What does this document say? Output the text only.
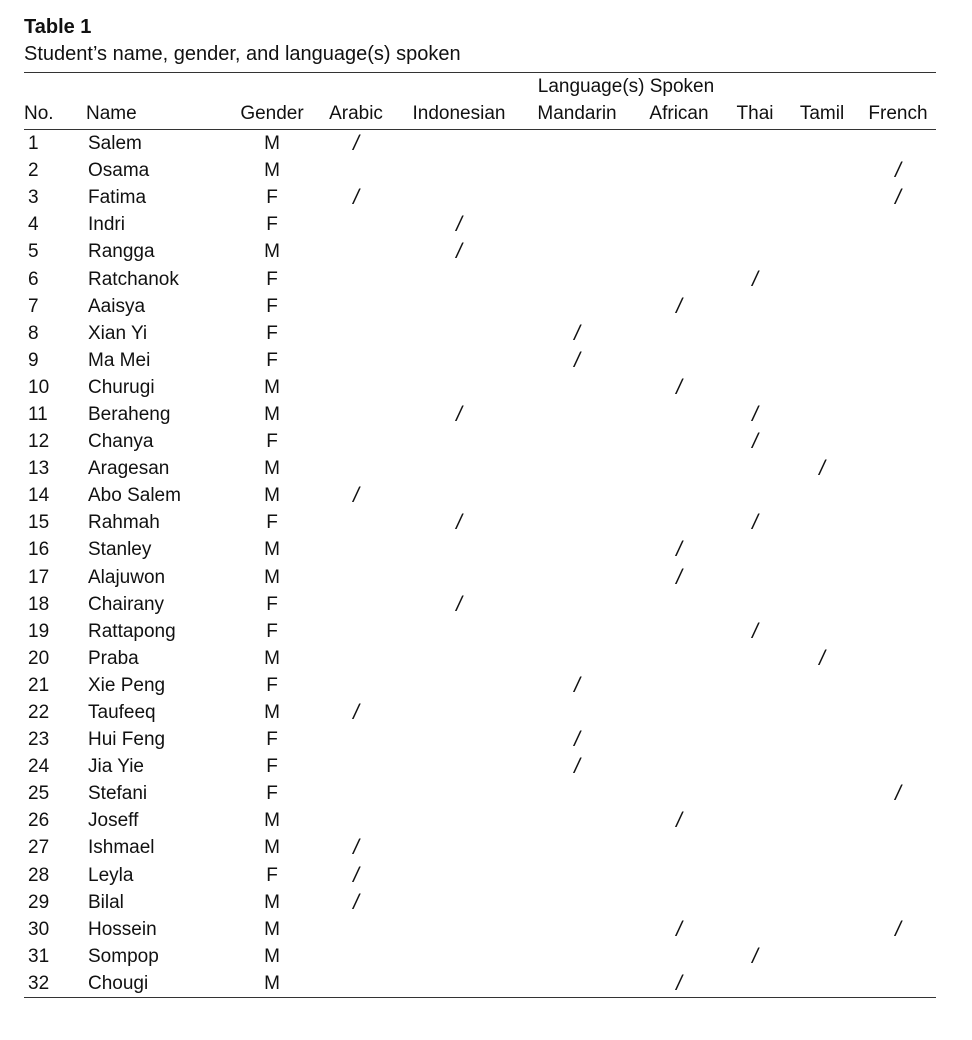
Table 1

Student’s name, gender, and language(s) spoken

			Language(s) Spoken						
No.	Name	Gender	Arabic	Indonesian	Mandarin	African	Thai	Tamil	French
1	Salem	M	/						
2	Osama	M							/
3	Fatima	F	/						/
4	Indri	F		/					
5	Rangga	M		/					
6	Ratchanok	F					/		
7	Aaisya	F				/			
8	Xian Yi	F			/				
9	Ma Mei	F			/				
10	Churugi	M				/			
11	Beraheng	M		/			/		
12	Chanya	F					/		
13	Aragesan	M						/	
14	Abo Salem	M	/						
15	Rahmah	F		/			/		
16	Stanley	M				/			
17	Alajuwon	M				/			
18	Chairany	F		/					
19	Rattapong	F					/		
20	Praba	M						/	
21	Xie Peng	F			/				
22	Taufeeq	M	/						
23	Hui Feng	F			/				
24	Jia Yie	F			/				
25	Stefani	F							/
26	Joseff	M				/			
27	Ishmael	M	/						
28	Leyla	F	/						
29	Bilal	M	/						
30	Hossein	M				/			/
31	Sompop	M					/		
32	Chougi	M				/			
